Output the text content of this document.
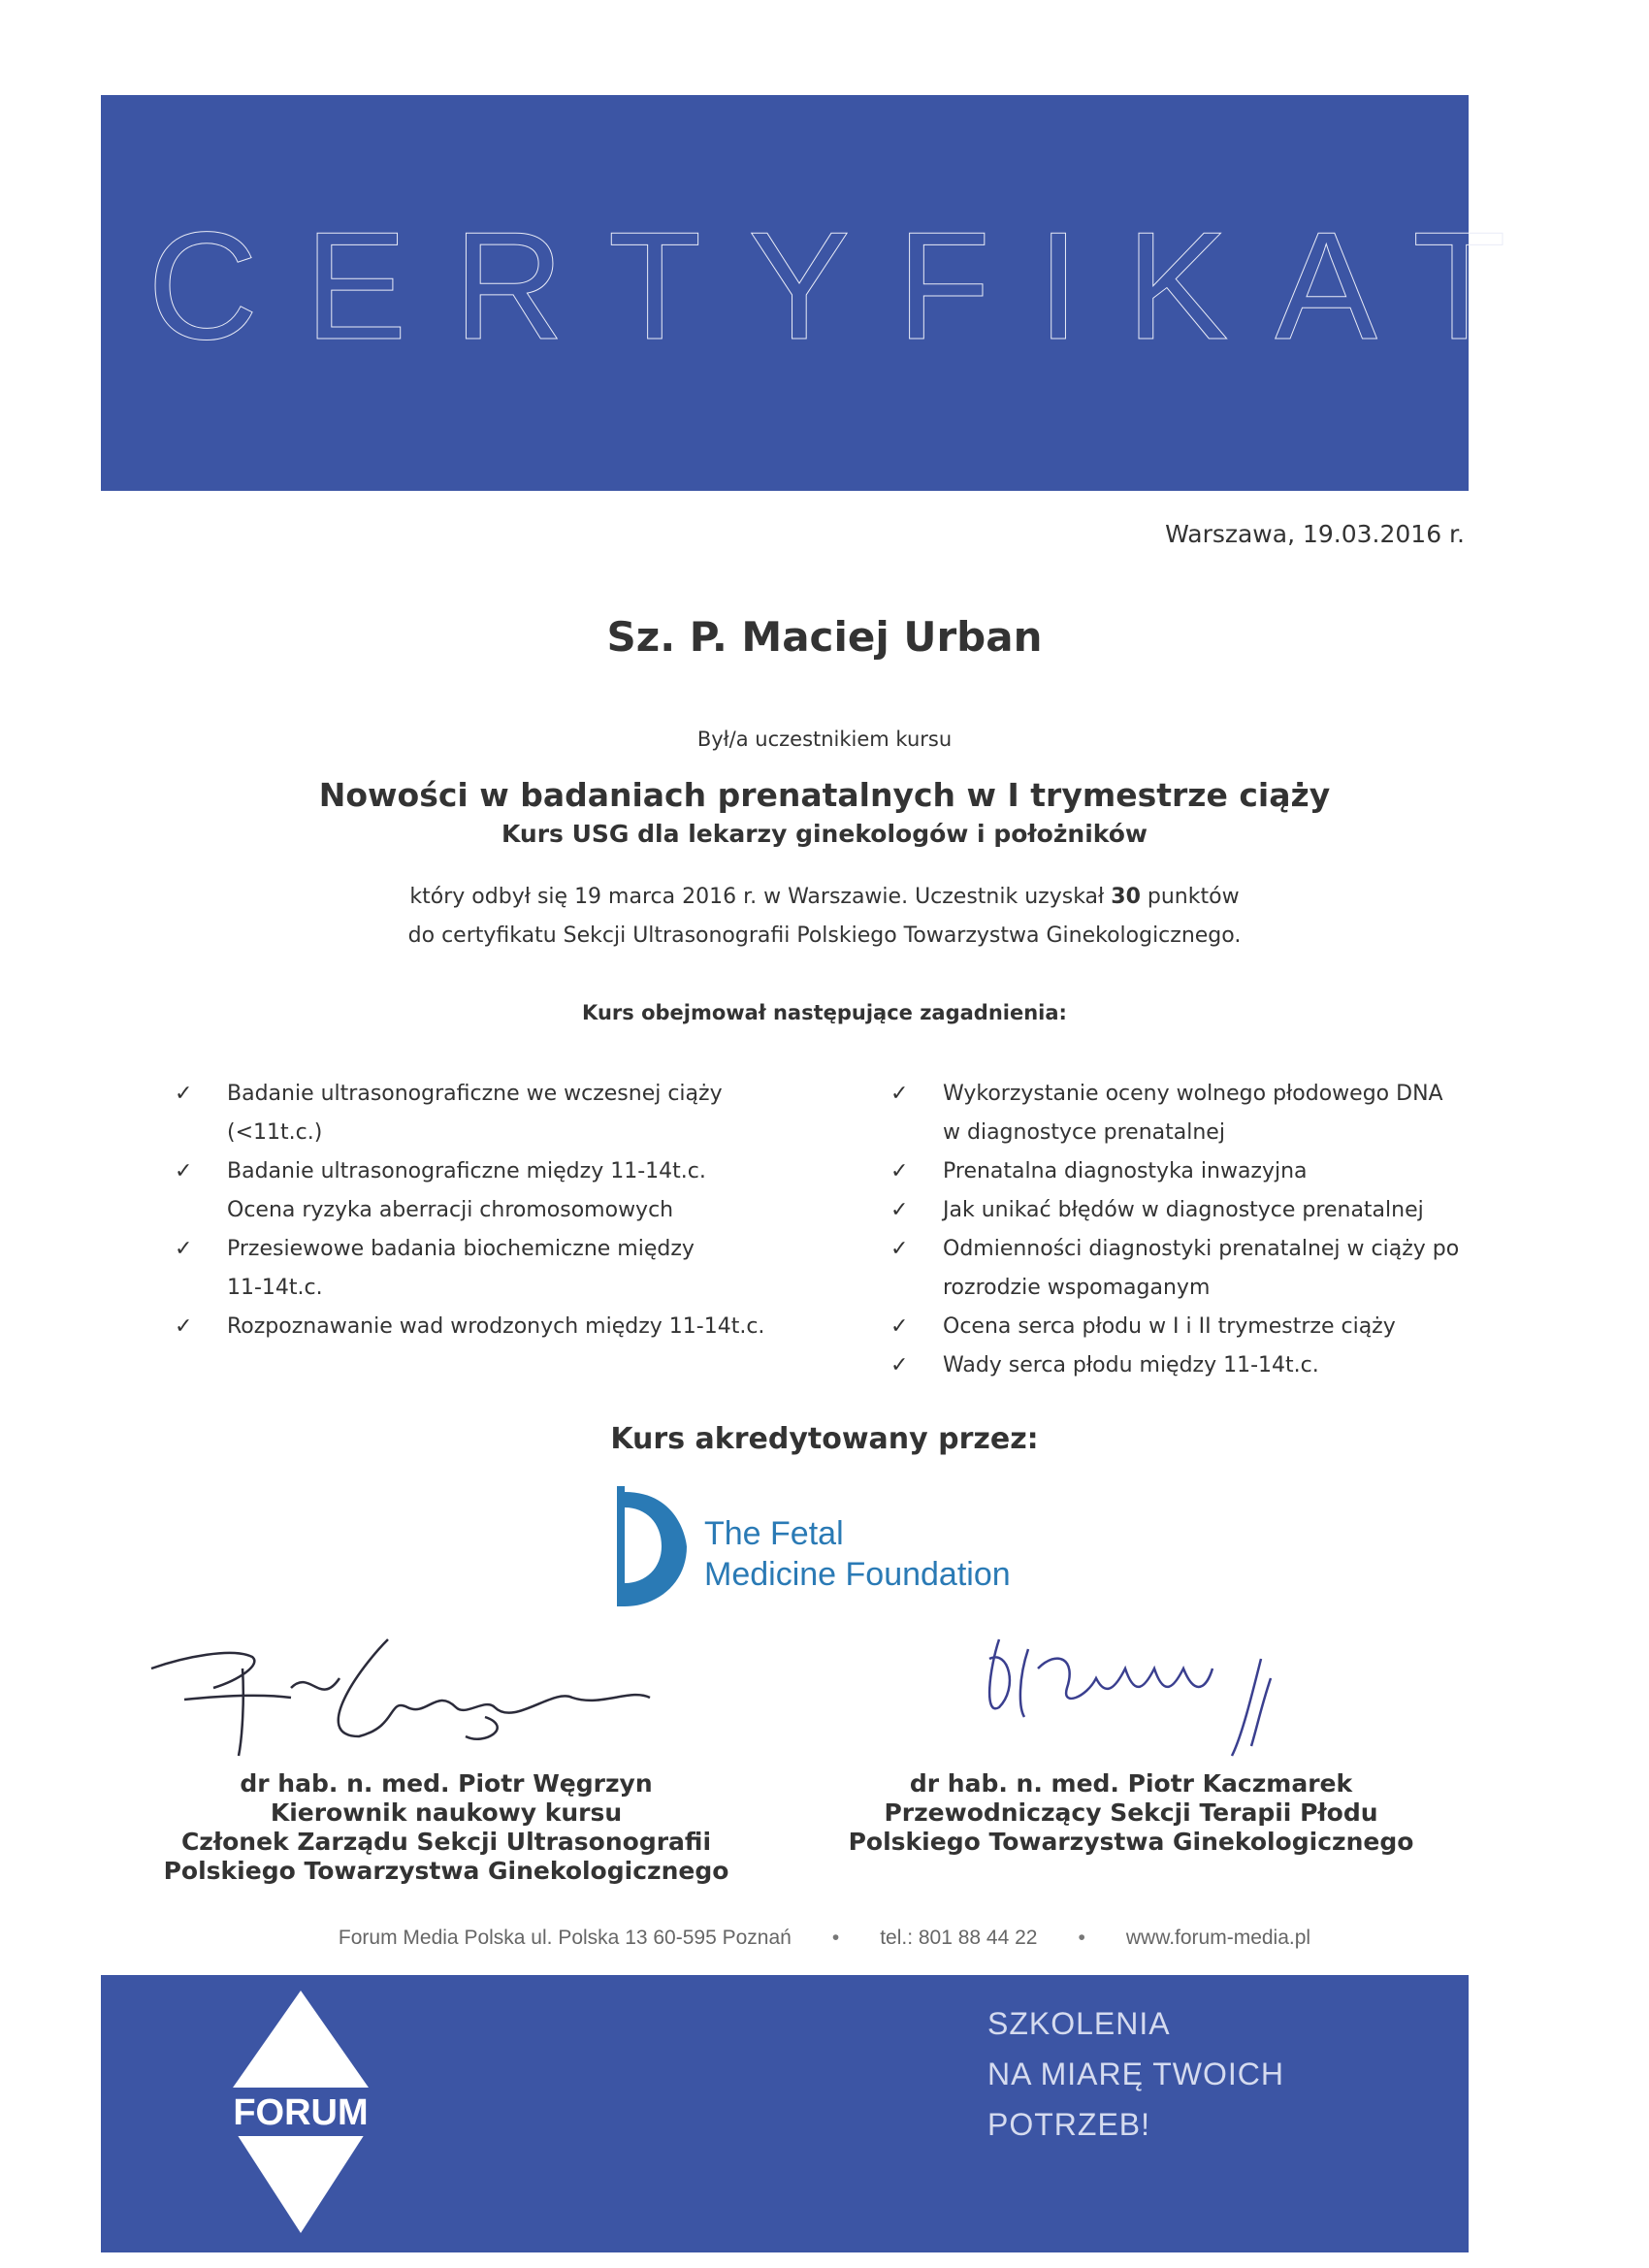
CERTYFIKAT
Warszawa, 19.03.2016 r.
Sz. P. Maciej Urban
Był/a uczestnikiem kursu
Nowości w badaniach prenatalnych w I trymestrze ciąży
Kurs USG dla lekarzy ginekologów i położników
który odbył się 19 marca 2016 r. w Warszawie. Uczestnik uzyskał 30 punktów
do certyfikatu Sekcji Ultrasonografii Polskiego Towarzystwa Ginekologicznego.
Kurs obejmował następujące zagadnienia:
✓ Badanie ultrasonograficzne we wczesnej ciąży
(<11t.c.)
✓ Badanie ultrasonograficzne między 11-14t.c.
Ocena ryzyka aberracji chromosomowych
✓ Przesiewowe badania biochemiczne między
11-14t.c.
✓ Rozpoznawanie wad wrodzonych między 11-14t.c.
✓ Wykorzystanie oceny wolnego płodowego DNA
w diagnostyce prenatalnej
✓ Prenatalna diagnostyka inwazyjna
✓ Jak unikać błędów w diagnostyce prenatalnej
✓ Odmienności diagnostyki prenatalnej w ciąży po
rozrodzie wspomaganym
✓ Ocena serca płodu w I i II trymestrze ciąży
✓ Wady serca płodu między 11-14t.c.
Kurs akredytowany przez:
The Fetal
Medicine Foundation
dr hab. n. med. Piotr Węgrzyn
Kierownik naukowy kursu
Członek Zarządu Sekcji Ultrasonografii
Polskiego Towarzystwa Ginekologicznego
dr hab. n. med. Piotr Kaczmarek
Przewodniczący Sekcji Terapii Płodu
Polskiego Towarzystwa Ginekologicznego
Forum Media Polska ul. Polska 13 60-595 Poznań • tel.: 801 88 44 22 • www.forum-media.pl
FORUM
SZKOLENIA
NA MIARĘ TWOICH
POTRZEB!
